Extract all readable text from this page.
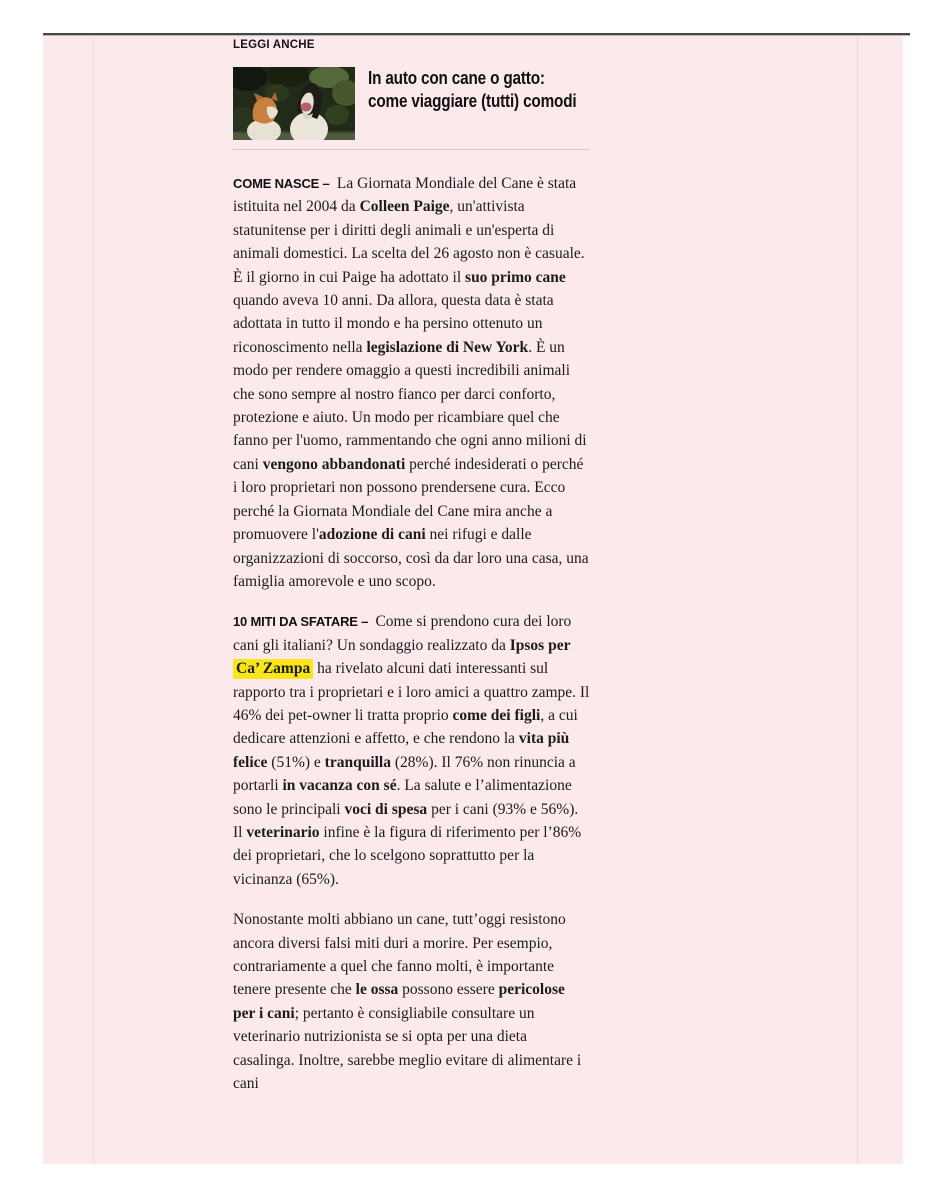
LEGGI ANCHE
In auto con cane o gatto: come viaggiare (tutti) comodi

COME NASCE –  La Giornata Mondiale del Cane è stata istituita nel 2004 da Colleen Paige, un'attivista statunitense per i diritti degli animali e un'esperta di animali domestici. La scelta del 26 agosto non è casuale. È il giorno in cui Paige ha adottato il suo primo cane quando aveva 10 anni. Da allora, questa data è stata adottata in tutto il mondo e ha persino ottenuto un riconoscimento nella legislazione di New York. È un modo per rendere omaggio a questi incredibili animali che sono sempre al nostro fianco per darci conforto, protezione e aiuto. Un modo per ricambiare quel che fanno per l'uomo, rammentando che ogni anno milioni di cani vengono abbandonati perché indesiderati o perché i loro proprietari non possono prendersene cura. Ecco perché la Giornata Mondiale del Cane mira anche a promuovere l'adozione di cani nei rifugi e dalle organizzazioni di soccorso, così da dar loro una casa, una famiglia amorevole e uno scopo.

10 MITI DA SFATARE –  Come si prendono cura dei loro cani gli italiani? Un sondaggio realizzato da Ipsos per Ca’ Zampa ha rivelato alcuni dati interessanti sul rapporto tra i proprietari e i loro amici a quattro zampe. Il 46% dei pet-owner li tratta proprio come dei figli, a cui dedicare attenzioni e affetto, e che rendono la vita più felice (51%) e tranquilla (28%). Il 76% non rinuncia a portarli in vacanza con sé. La salute e l’alimentazione sono le principali voci di spesa per i cani (93% e 56%). Il veterinario infine è la figura di riferimento per l’86% dei proprietari, che lo scelgono soprattutto per la vicinanza (65%).

Nonostante molti abbiano un cane, tutt’oggi resistono ancora diversi falsi miti duri a morire. Per esempio, contrariamente a quel che fanno molti, è importante tenere presente che le ossa possono essere pericolose per i cani; pertanto è consigliabile consultare un veterinario nutrizionista se si opta per una dieta casalinga. Inoltre, sarebbe meglio evitare di alimentare i cani
